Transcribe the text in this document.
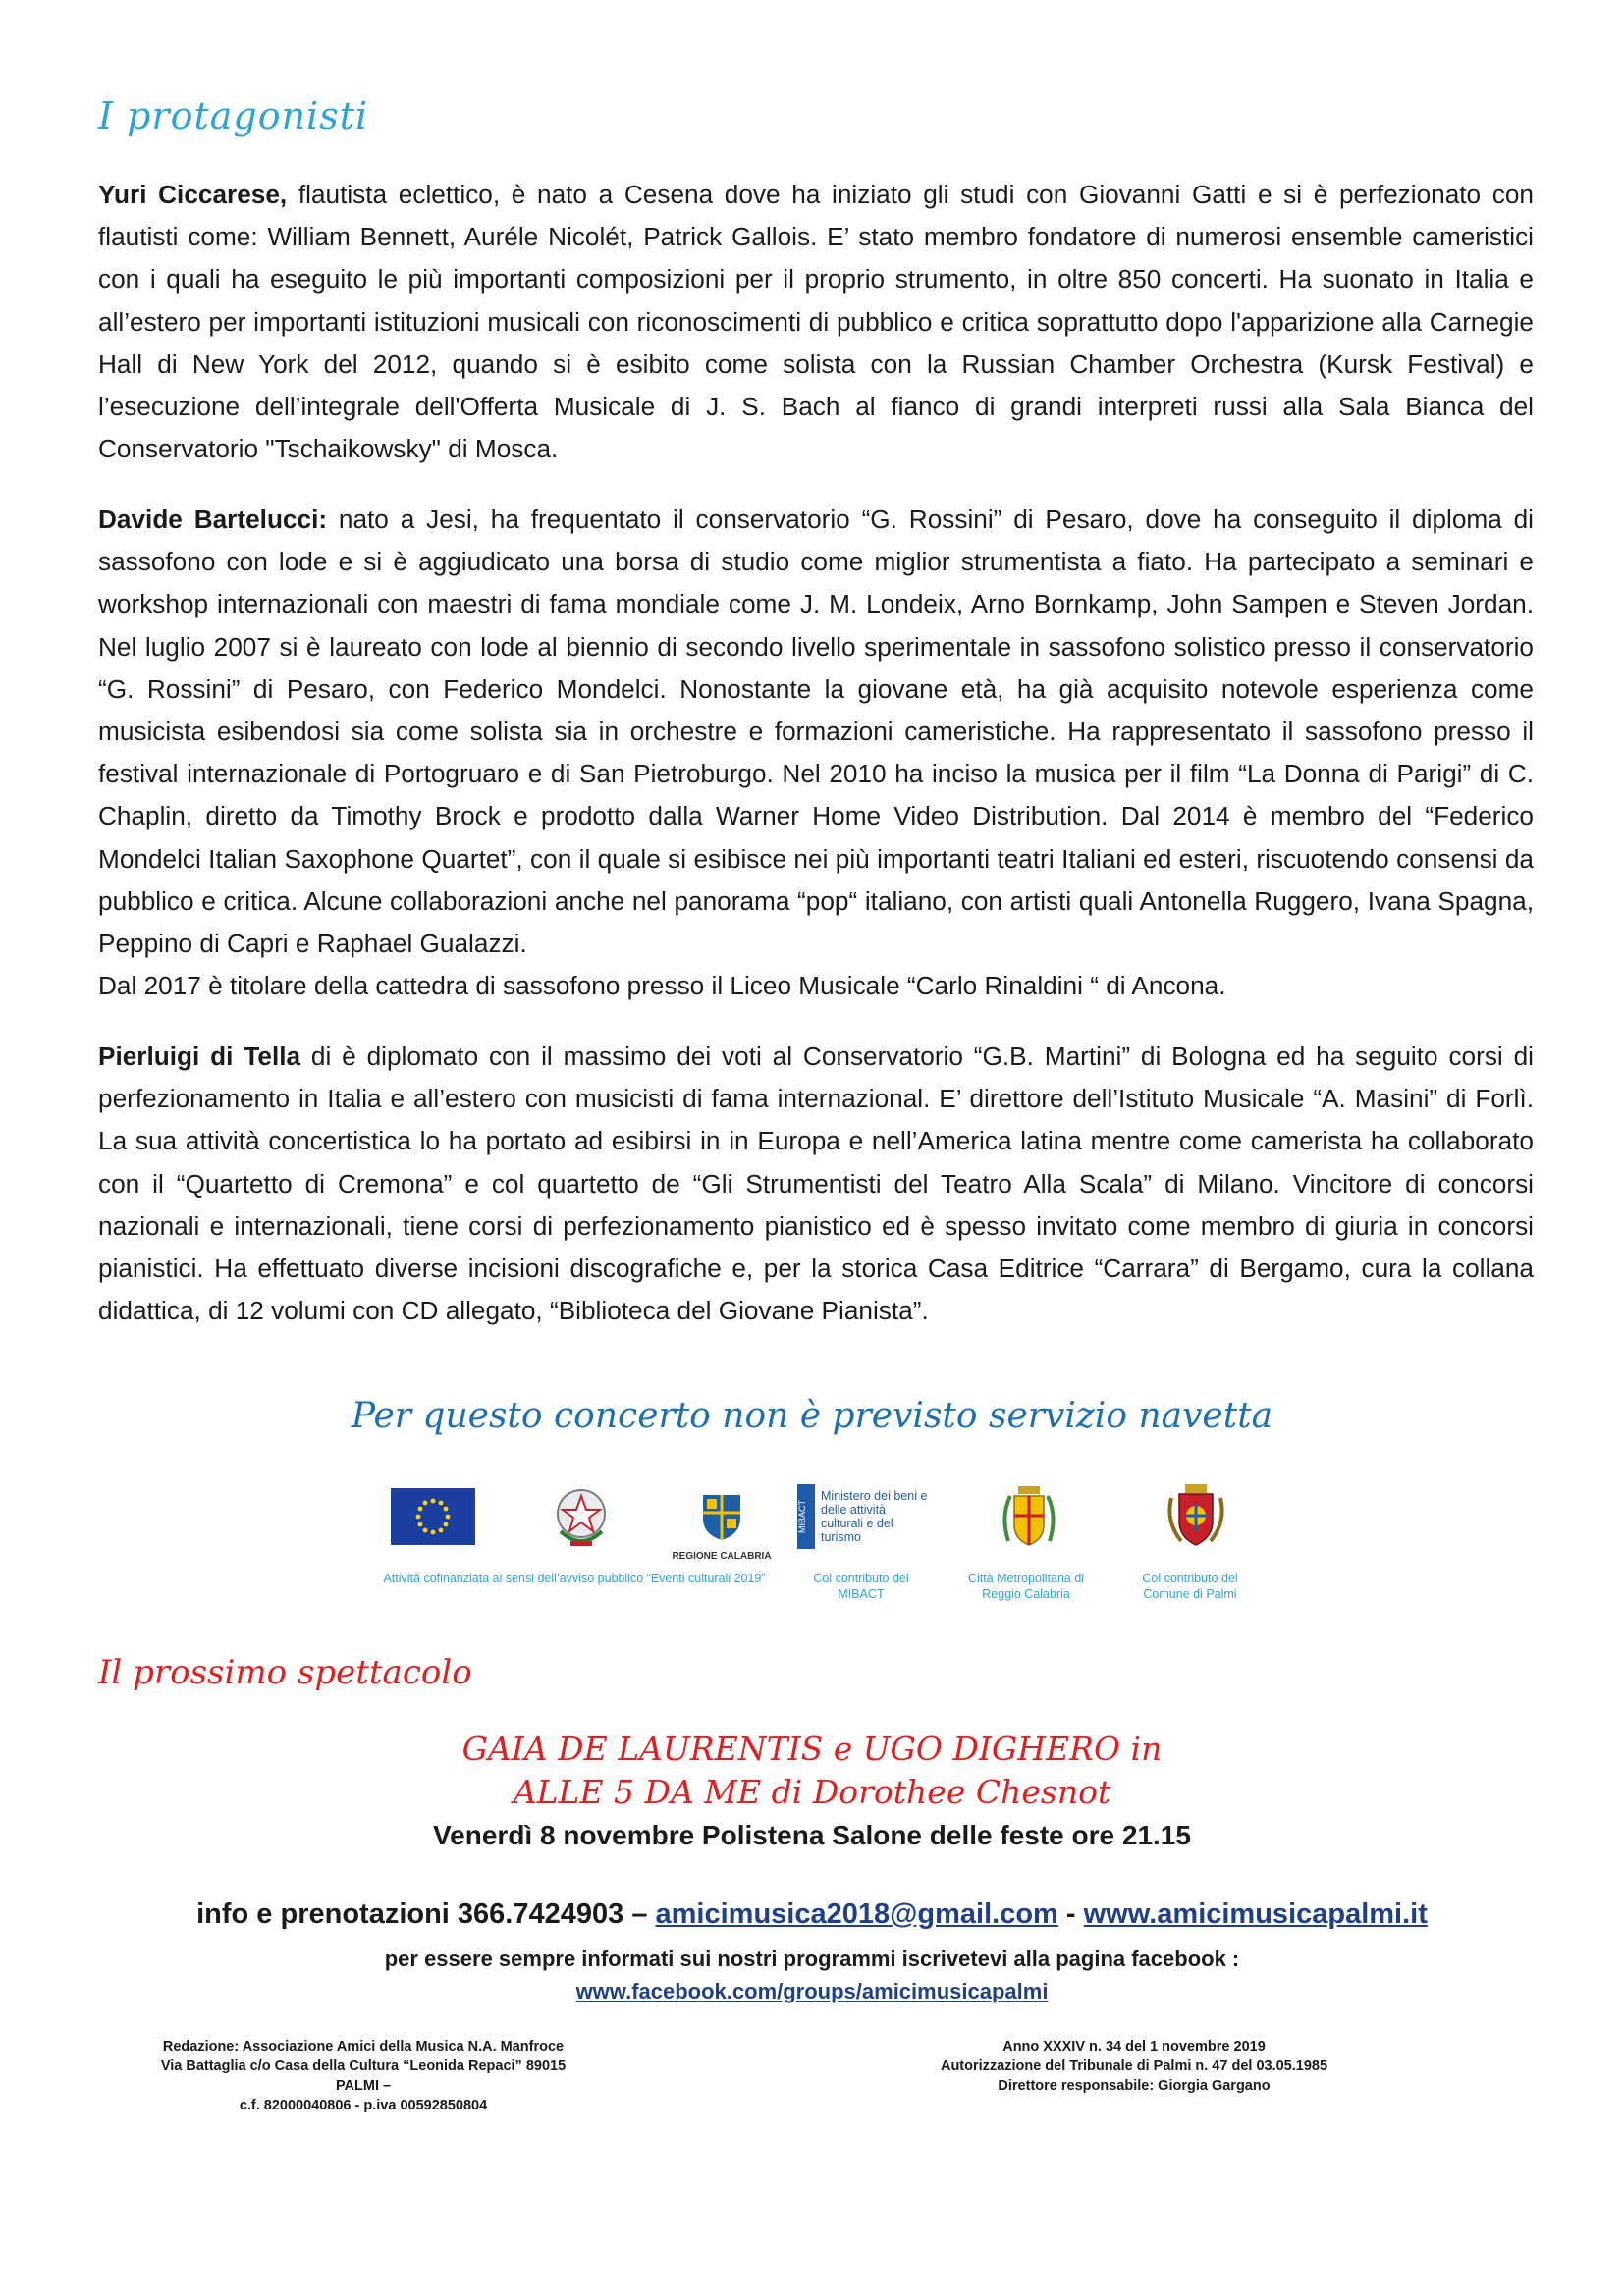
I protagonisti

Yuri Ciccarese, flautista eclettico, è nato a Cesena dove ha iniziato gli studi con Giovanni Gatti e si è perfezionato con flautisti come: William Bennett, Auréle Nicolét, Patrick Gallois. E’ stato membro fondatore di numerosi ensemble cameristici con i quali ha eseguito le più importanti composizioni per il proprio strumento, in oltre 850 concerti. Ha suonato in Italia e all’estero per importanti istituzioni musicali con riconoscimenti di pubblico e critica soprattutto dopo l'apparizione alla Carnegie Hall di New York del 2012, quando si è esibito come solista con la Russian Chamber Orchestra (Kursk Festival) e l’esecuzione dell’integrale dell'Offerta Musicale di J. S. Bach al fianco di grandi interpreti russi alla Sala Bianca del Conservatorio "Tschaikowsky" di Mosca.

Davide Bartelucci: nato a Jesi, ha frequentato il conservatorio “G. Rossini” di Pesaro, dove ha conseguito il diploma di sassofono con lode e si è aggiudicato una borsa di studio come miglior strumentista a fiato. Ha partecipato a seminari e workshop internazionali con maestri di fama mondiale come J. M. Londeix, Arno Bornkamp, John Sampen e Steven Jordan. Nel luglio 2007 si è laureato con lode al biennio di secondo livello sperimentale in sassofono solistico presso il conservatorio “G. Rossini” di Pesaro, con Federico Mondelci. Nonostante la giovane età, ha già acquisito notevole esperienza come musicista esibendosi sia come solista sia in orchestre e formazioni cameristiche. Ha rappresentato il sassofono presso il festival internazionale di Portogruaro e di San Pietroburgo. Nel 2010 ha inciso la musica per il film “La Donna di Parigi” di C. Chaplin, diretto da Timothy Brock e prodotto dalla Warner Home Video Distribution. Dal 2014 è membro del “Federico Mondelci Italian Saxophone Quartet”, con il quale si esibisce nei più importanti teatri Italiani ed esteri, riscuotendo consensi da pubblico e critica. Alcune collaborazioni anche nel panorama “pop“ italiano, con artisti quali Antonella Ruggero, Ivana Spagna, Peppino di Capri e Raphael Gualazzi.
Dal 2017 è titolare della cattedra di sassofono presso il Liceo Musicale “Carlo Rinaldini “ di Ancona.

Pierluigi di Tella di è diplomato con il massimo dei voti al Conservatorio “G.B. Martini” di Bologna ed ha seguito corsi di perfezionamento in Italia e all’estero con musicisti di fama internazional. E’ direttore dell’Istituto Musicale “A. Masini” di Forlì. La sua attività concertistica lo ha portato ad esibirsi in in Europa e nell’America latina mentre come camerista ha collaborato con il “Quartetto di Cremona” e col quartetto de “Gli Strumentisti del Teatro Alla Scala” di Milano. Vincitore di concorsi nazionali e internazionali, tiene corsi di perfezionamento pianistico ed è spesso invitato come membro di giuria in concorsi pianistici. Ha effettuato diverse incisioni discografiche e, per la storica Casa Editrice “Carrara” di Bergamo, cura la collana didattica, di 12 volumi con CD allegato, “Biblioteca del Giovane Pianista”.

Per questo concerto non è previsto servizio navetta
REGIONE CALABRIA
MIBACT
Ministero dei beni e delle attività culturali e del turismo
Attività cofinanziata ai sensi dell’avviso pubblico “Eventi culturali 2019”	Col contributo del MIBACT
Città Metropolitana di Reggio Calabria
Col contributo del Comune di Palmi
Il prossimo spettacolo
GAIA DE LAURENTIS e UGO DIGHERO in
ALLE 5 DA ME di Dorothee Chesnot
Venerdì 8 novembre Polistena Salone delle feste ore 21.15
info e prenotazioni 366.7424903 – amicimusica2018@gmail.com - www.amicimusicapalmi.it
per essere sempre informati sui nostri programmi iscrivetevi alla pagina facebook :
www.facebook.com/groups/amicimusicapalmi
Redazione: Associazione Amici della Musica N.A. Manfroce
Via Battaglia c/o Casa della Cultura “Leonida Repaci” 89015 PALMI –
c.f. 82000040806 - p.iva 00592850804
Anno XXXIV n. 34 del 1 novembre 2019
Autorizzazione del Tribunale di Palmi n. 47 del 03.05.1985
Direttore responsabile: Giorgia Gargano
